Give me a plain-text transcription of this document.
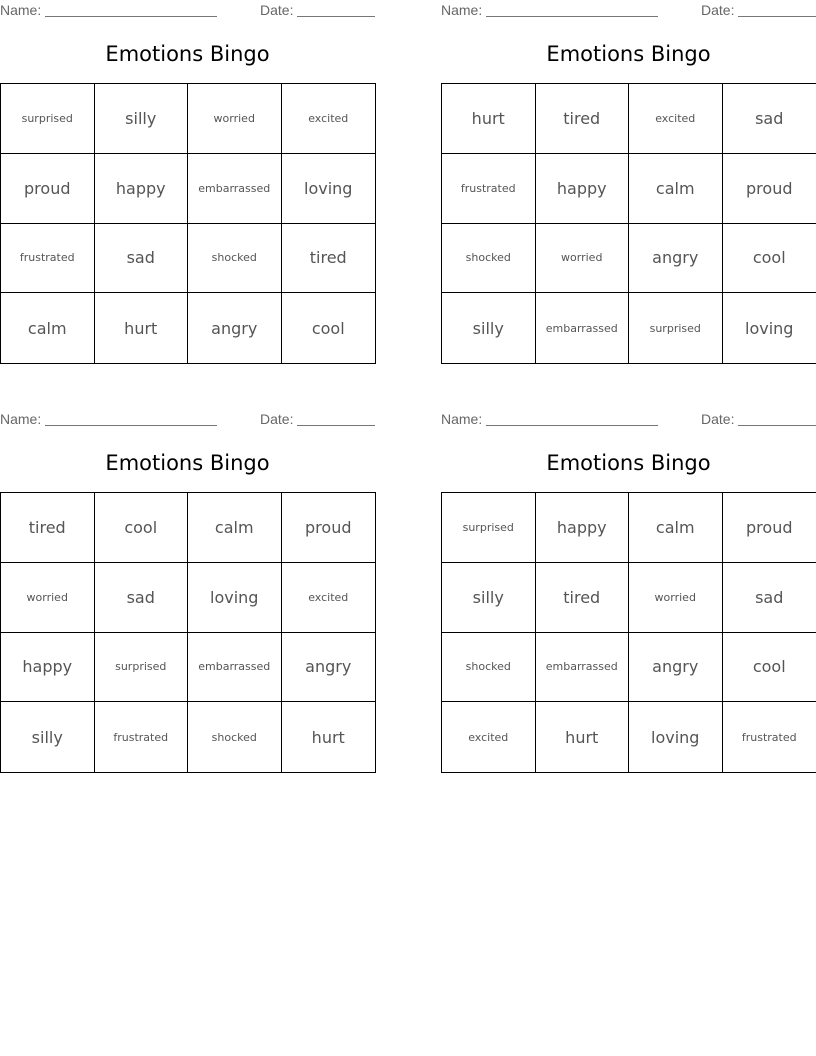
Name:	Date:
Emotions Bingo
surprised	silly	worried	excited
proud	happy	embarrassed	loving
frustrated	sad	shocked	tired
calm	hurt	angry	cool
Name:	Date:
Emotions Bingo
hurt	tired	excited	sad
frustrated	happy	calm	proud
shocked	worried	angry	cool
silly	embarrassed	surprised	loving
Name:	Date:
Emotions Bingo
tired	cool	calm	proud
worried	sad	loving	excited
happy	surprised	embarrassed	angry
silly	frustrated	shocked	hurt
Name:	Date:
Emotions Bingo
surprised	happy	calm	proud
silly	tired	worried	sad
shocked	embarrassed	angry	cool
excited	hurt	loving	frustrated
